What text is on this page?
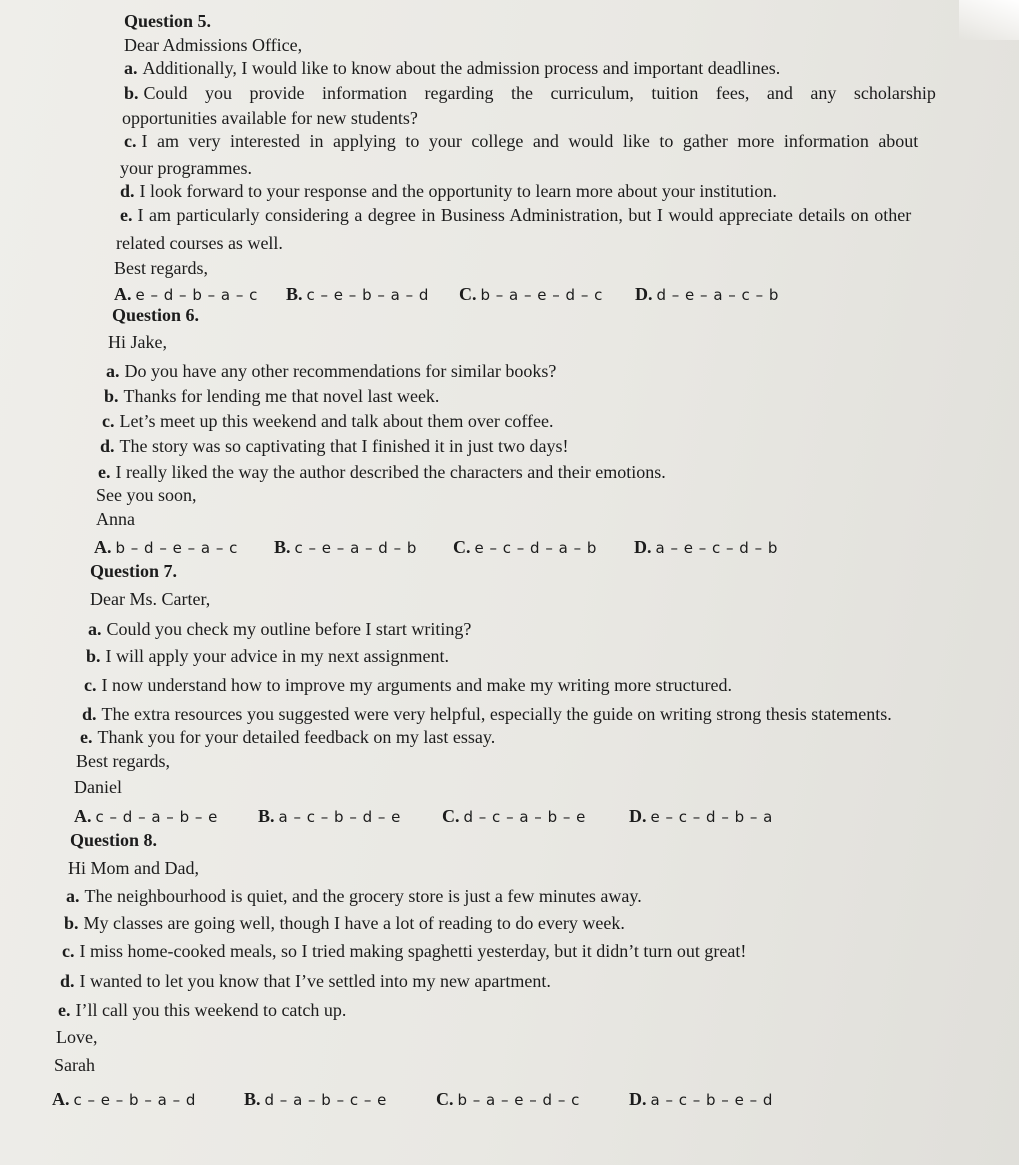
Question 5.
Dear Admissions Office,
a. Additionally, I would like to know about the admission process and important deadlines.
b. Could you provide information regarding the curriculum, tuition fees, and any scholarship
opportunities available for new students?
c. I am very interested in applying to your college and would like to gather more information about
your programmes.
d. I look forward to your response and the opportunity to learn more about your institution.
e. I am particularly considering a degree in Business Administration, but I would appreciate details on other
related courses as well.
Best regards,
A. e – d – b – a – c B. c – e – b – a – d C. b – a – e – d – c D. d – e – a – c – b
Question 6.
Hi Jake,
a. Do you have any other recommendations for similar books?
b. Thanks for lending me that novel last week.
c. Let’s meet up this weekend and talk about them over coffee.
d. The story was so captivating that I finished it in just two days!
e. I really liked the way the author described the characters and their emotions.
See you soon,
Anna
A. b – d – e – a – c B. c – e – a – d – b C. e – c – d – a – b D. a – e – c – d – b
Question 7.
Dear Ms. Carter,
a. Could you check my outline before I start writing?
b. I will apply your advice in my next assignment.
c. I now understand how to improve my arguments and make my writing more structured.
d. The extra resources you suggested were very helpful, especially the guide on writing strong thesis statements.
e. Thank you for your detailed feedback on my last essay.
Best regards,
Daniel
A. c – d – a – b – e B. a – c – b – d – e C. d – c – a – b – e D. e – c – d – b – a
Question 8.
Hi Mom and Dad,
a. The neighbourhood is quiet, and the grocery store is just a few minutes away.
b. My classes are going well, though I have a lot of reading to do every week.
c. I miss home-cooked meals, so I tried making spaghetti yesterday, but it didn’t turn out great!
d. I wanted to let you know that I’ve settled into my new apartment.
e. I’ll call you this weekend to catch up.
Love,
Sarah
A. c – e – b – a – d	B. d – a – b – c – e	C. b – a – e – d – c	D. a – c – b – e – d
